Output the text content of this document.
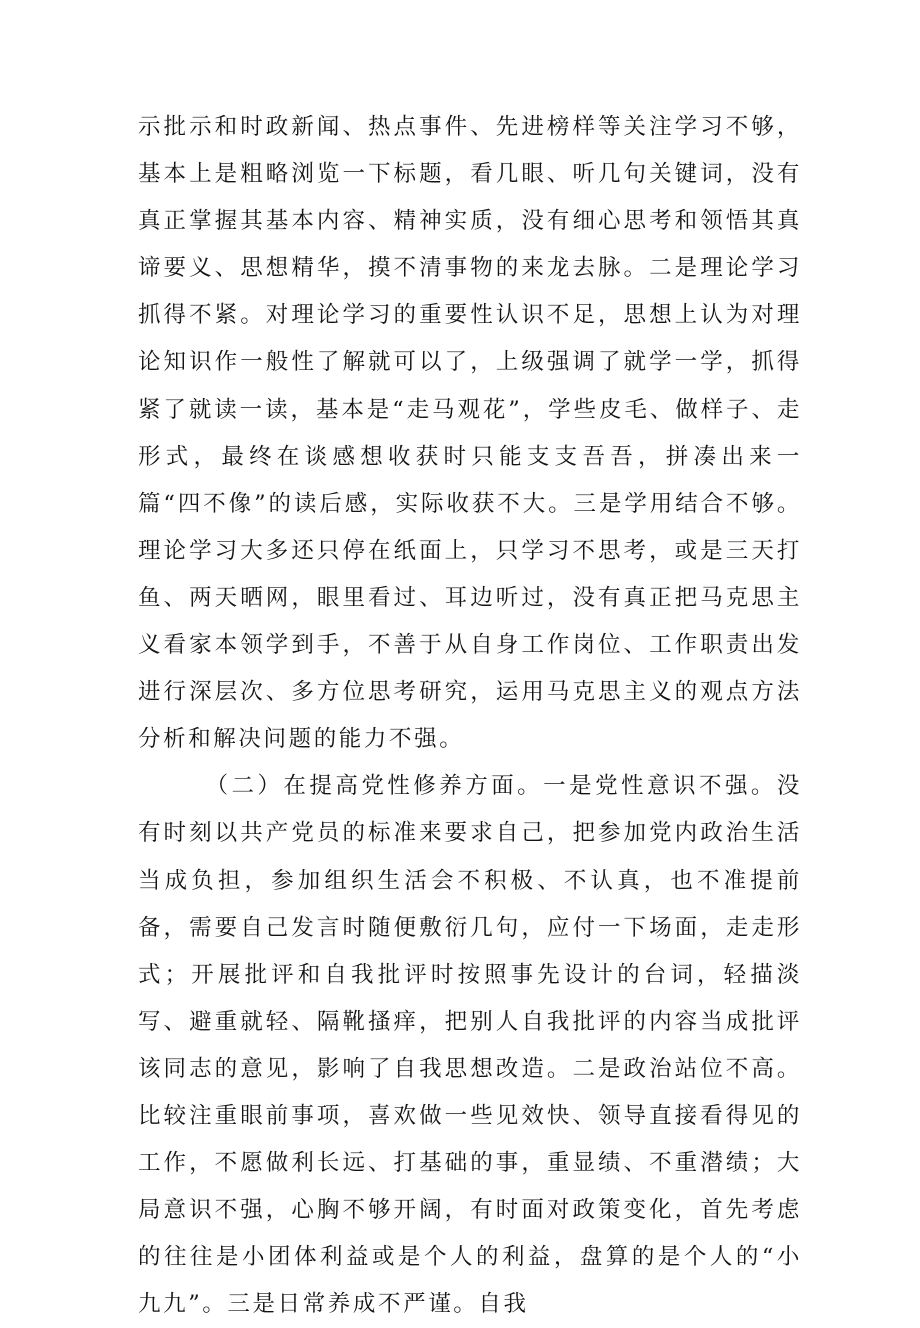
示批示和时政新闻、热点事件、先进榜样等关注学习不够，基本上是粗略浏览一下标题，看几眼、听几句关键词，没有真正掌握其基本内容、精神实质，没有细心思考和领悟其真谛要义、思想精华，摸不清事物的来龙去脉。二是理论学习抓得不紧。对理论学习的重要性认识不足，思想上认为对理论知识作一般性了解就可以了，上级强调了就学一学，抓得紧了就读一读，基本是“走马观花”，学些皮毛、做样子、走形式，最终在谈感想收获时只能支支吾吾，拼凑出来一篇“四不像”的读后感，实际收获不大。三是学用结合不够。理论学习大多还只停在纸面上，只学习不思考，或是三天打鱼、两天晒网，眼里看过、耳边听过，没有真正把马克思主义看家本领学到手，不善于从自身工作岗位、工作职责出发进行深层次、多方位思考研究，运用马克思主义的观点方法分析和解决问题的能力不强。

（二）在提高党性修养方面。一是党性意识不强。没有时刻以共产党员的标准来要求自己，把参加党内政治生活当成负担，参加组织生活会不积极、不认真，也不准提前备，需要自己发言时随便敷衍几句，应付一下场面，走走形式；开展批评和自我批评时按照事先设计的台词，轻描淡写、避重就轻、隔靴搔痒，把别人自我批评的内容当成批评该同志的意见，影响了自我思想改造。二是政治站位不高。比较注重眼前事项，喜欢做一些见效快、领导直接看得见的工作，不愿做利长远、打基础的事，重显绩、不重潜绩；大局意识不强，心胸不够开阔，有时面对政策变化，首先考虑的往往是小团体利益或是个人的利益，盘算的是个人的“小九九”。三是日常养成不严谨。自我
